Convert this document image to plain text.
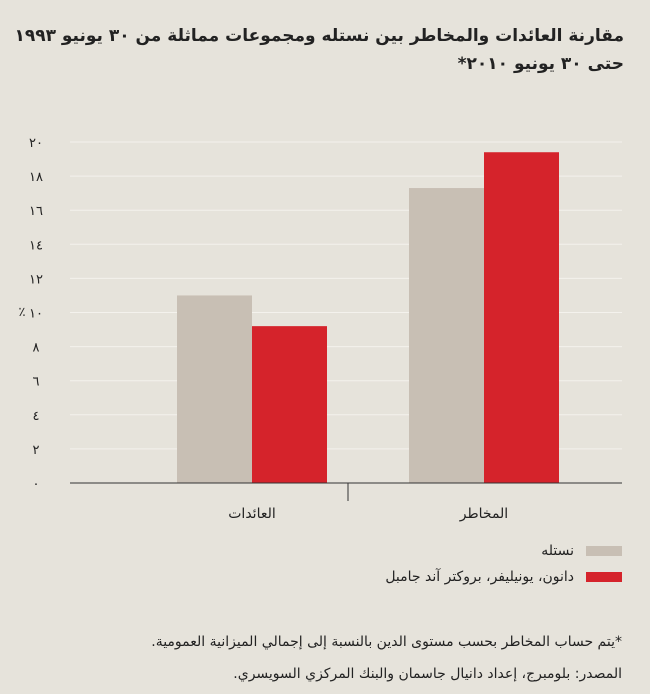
مقارنة العائدات والمخاطر بين نستله ومجموعات مماثلة من ٣٠ يونيو ١٩٩٣
حتى ٣٠ يونيو ٢٠١٠*
٠
٢
٤
٦
٨
١٠
١٢
١٤
١٦
١٨
٢٠
٪
العائدات	المخاطر
نستله
دانون، يونيليفر، بروكتر آند جامبل
*يتم حساب المخاطر بحسب مستوى الدين بالنسبة إلى إجمالي الميزانية العمومية.
المصدر: بلومبرج، إعداد دانيال جاسمان والبنك المركزي السويسري.
